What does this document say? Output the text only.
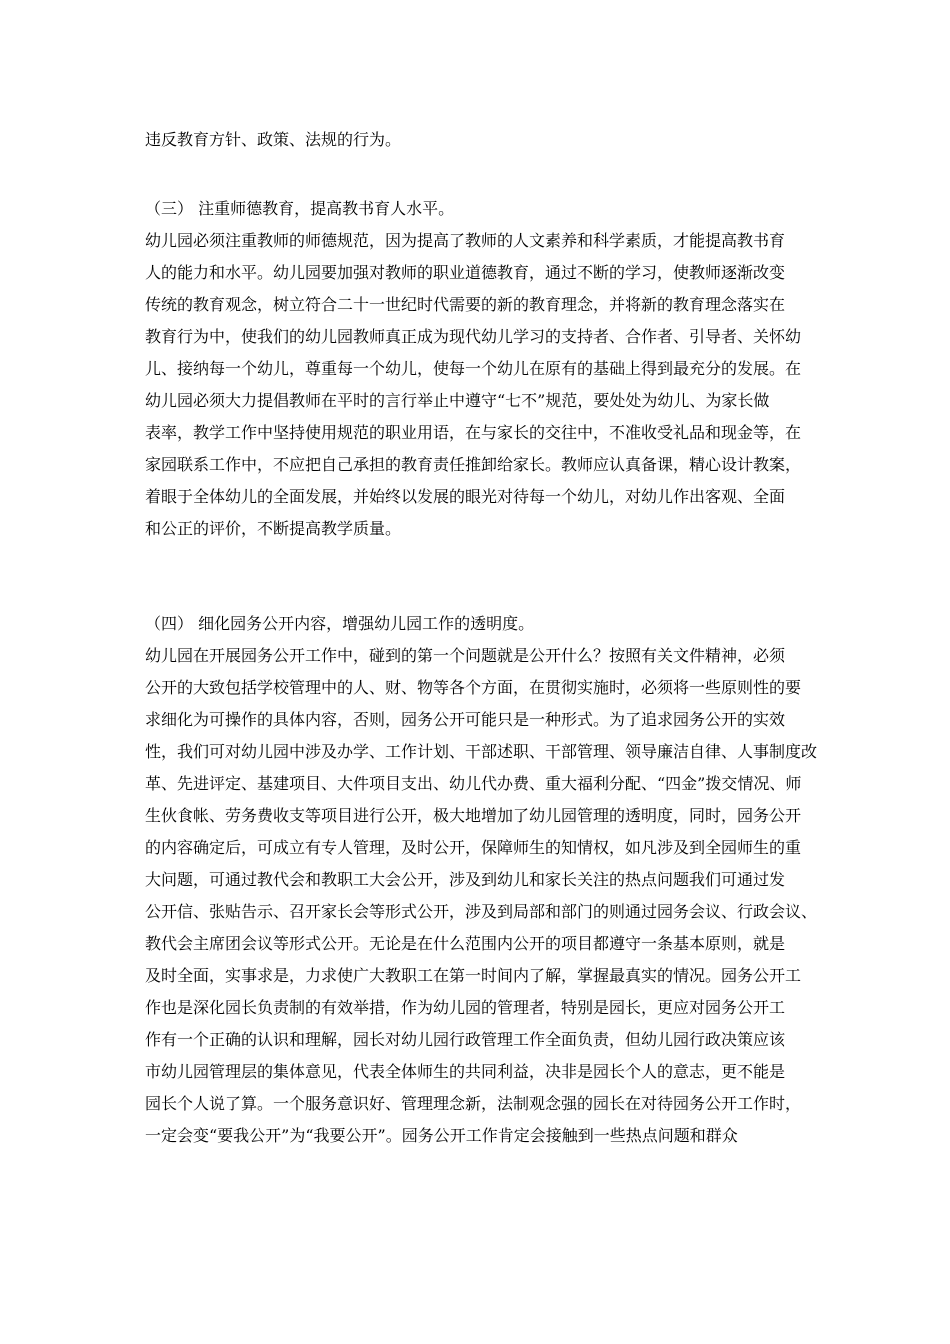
违反教育方针、政策、法规的行为。
（三） 注重师德教育，提高教书育人水平。
幼儿园必须注重教师的师德规范，因为提高了教师的人文素养和科学素质，才能提高教书育
人的能力和水平。幼儿园要加强对教师的职业道德教育，通过不断的学习，使教师逐渐改变
传统的教育观念，树立符合二十一世纪时代需要的新的教育理念，并将新的教育理念落实在
教育行为中，使我们的幼儿园教师真正成为现代幼儿学习的支持者、合作者、引导者、关怀幼
儿、接纳每一个幼儿，尊重每一个幼儿，使每一个幼儿在原有的基础上得到最充分的发展。在
幼儿园必须大力提倡教师在平时的言行举止中遵守“七不”规范，要处处为幼儿、为家长做
表率，教学工作中坚持使用规范的职业用语，在与家长的交往中，不准收受礼品和现金等，在
家园联系工作中，不应把自己承担的教育责任推卸给家长。教师应认真备课，精心设计教案，
着眼于全体幼儿的全面发展，并始终以发展的眼光对待每一个幼儿，对幼儿作出客观、全面
和公正的评价，不断提高教学质量。
（四） 细化园务公开内容，增强幼儿园工作的透明度。
幼儿园在开展园务公开工作中，碰到的第一个问题就是公开什么？按照有关文件精神，必须
公开的大致包括学校管理中的人、财、物等各个方面，在贯彻实施时，必须将一些原则性的要
求细化为可操作的具体内容，否则，园务公开可能只是一种形式。为了追求园务公开的实效
性，我们可对幼儿园中涉及办学、工作计划、干部述职、干部管理、领导廉洁自律、人事制度改
革、先进评定、基建项目、大件项目支出、幼儿代办费、重大福利分配、“四金”拨交情况、师
生伙食帐、劳务费收支等项目进行公开，极大地增加了幼儿园管理的透明度，同时，园务公开
的内容确定后，可成立有专人管理，及时公开，保障师生的知情权，如凡涉及到全园师生的重
大问题，可通过教代会和教职工大会公开，涉及到幼儿和家长关注的热点问题我们可通过发
公开信、张贴告示、召开家长会等形式公开，涉及到局部和部门的则通过园务会议、行政会议、
教代会主席团会议等形式公开。无论是在什么范围内公开的项目都遵守一条基本原则，就是
及时全面，实事求是，力求使广大教职工在第一时间内了解，掌握最真实的情况。园务公开工
作也是深化园长负责制的有效举措，作为幼儿园的管理者，特别是园长，更应对园务公开工
作有一个正确的认识和理解，园长对幼儿园行政管理工作全面负责，但幼儿园行政决策应该
市幼儿园管理层的集体意见，代表全体师生的共同利益，决非是园长个人的意志，更不能是
园长个人说了算。一个服务意识好、管理理念新，法制观念强的园长在对待园务公开工作时，
一定会变“要我公开”为“我要公开”。园务公开工作肯定会接触到一些热点问题和群众
